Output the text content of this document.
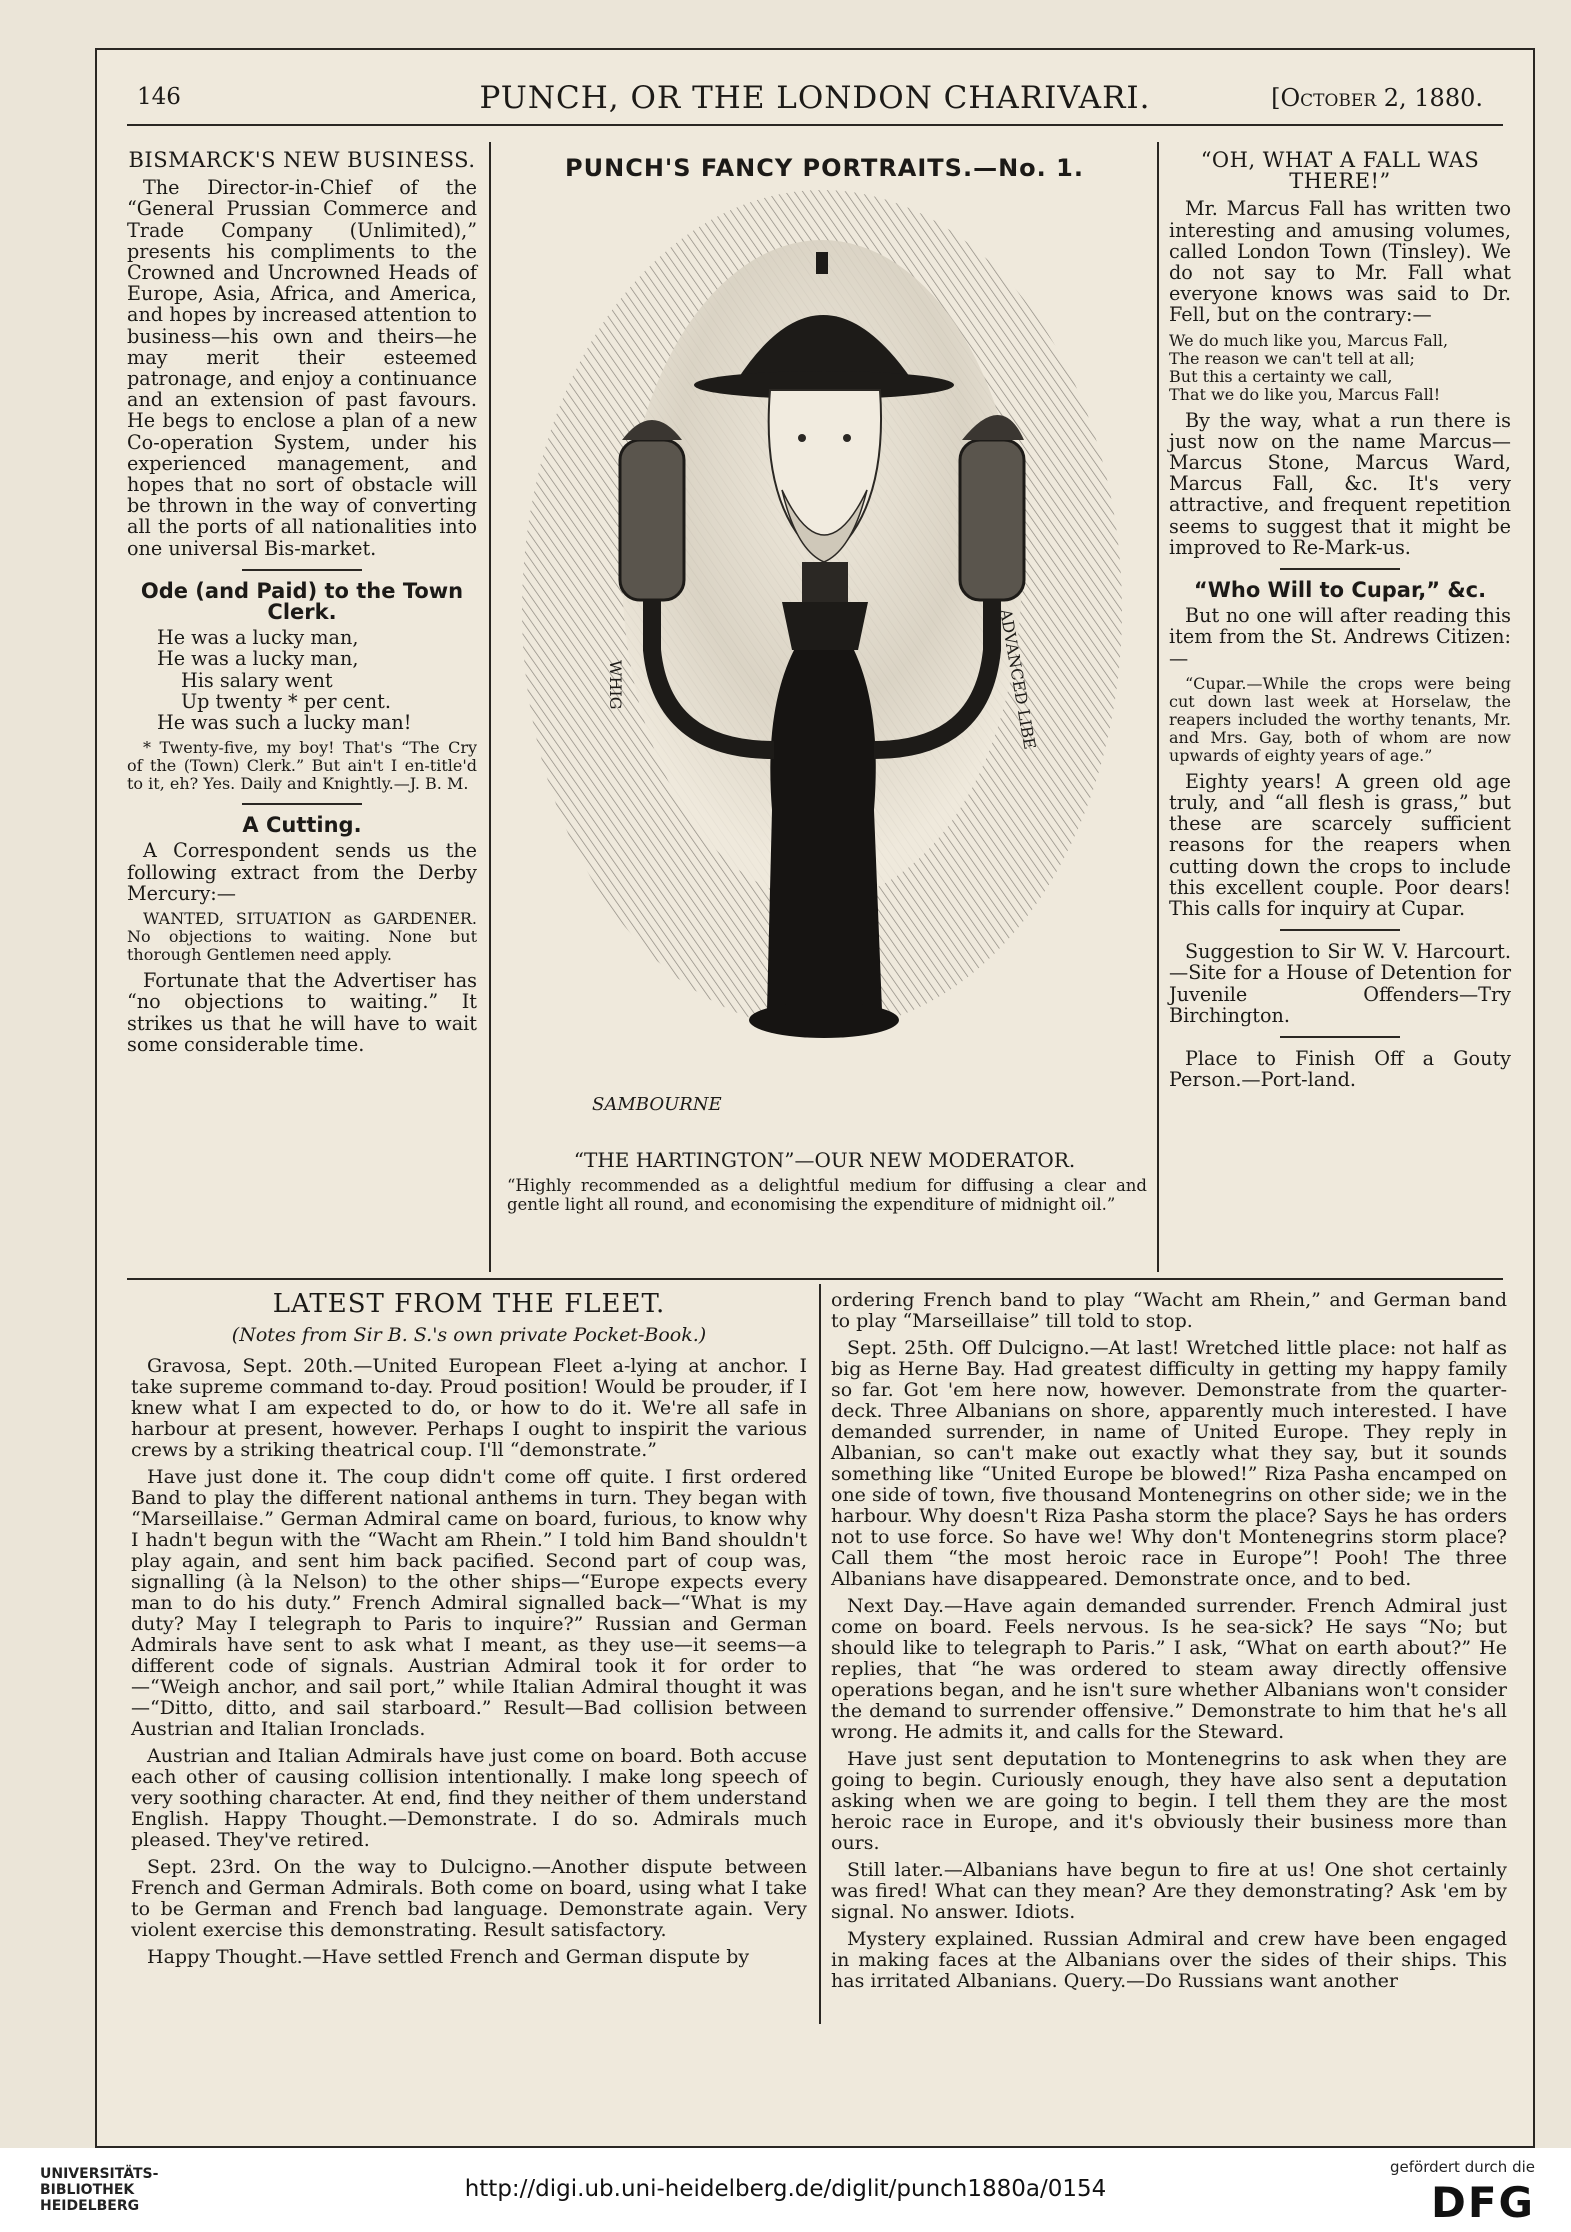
146	PUNCH, OR THE LONDON CHARIVARI.	[October 2, 1880.
BISMARCK'S NEW BUSINESS.

The Director-in-Chief of the “General Prussian Commerce and Trade Company (Unlimited),” presents his compliments to the Crowned and Uncrowned Heads of Europe, Asia, Africa, and America, and hopes by increased attention to business—his own and theirs—he may merit their esteemed patronage, and enjoy a continuance and an extension of past favours. He begs to enclose a plan of a new Co-operation System, under his experienced management, and hopes that no sort of obstacle will be thrown in the way of converting all the ports of all nationalities into one universal Bis-market.

Ode (and Paid) to the Town Clerk.
He was a lucky man,
He was a lucky man,
His salary went
Up twenty * per cent.
He was such a lucky man!

* Twenty-five, my boy! That's “The Cry of the (Town) Clerk.” But ain't I en-title'd to it, eh? Yes. Daily and Knightly.—J. B. M.

A Cutting.

A Correspondent sends us the following extract from the Derby Mercury:—

WANTED, SITUATION as GARDENER. No objections to waiting. None but thorough Gentlemen need apply.

Fortunate that the Advertiser has “no objections to waiting.” It strikes us that he will have to wait some considerable time.

PUNCH'S FANCY PORTRAITS.—No. 1.
WHIG	ADVANCED LIBE
SAMBOURNE
“THE HARTINGTON”—OUR NEW MODERATOR.
“Highly recommended as a delightful medium for diffusing a clear and gentle light all round, and economising the expenditure of midnight oil.”
“OH, WHAT A FALL WAS THERE!”

Mr. Marcus Fall has written two interesting and amusing volumes, called London Town (Tinsley). We do not say to Mr. Fall what everyone knows was said to Dr. Fell, but on the contrary:—

We do much like you, Marcus Fall,
The reason we can't tell at all;
But this a certainty we call,
That we do like you, Marcus Fall!

By the way, what a run there is just now on the name Marcus—Marcus Stone, Marcus Ward, Marcus Fall, &c. It's very attractive, and frequent repetition seems to suggest that it might be improved to Re-Mark-us.

“Who Will to Cupar,” &c.

But no one will after reading this item from the St. Andrews Citizen:—

“Cupar.—While the crops were being cut down last week at Horselaw, the reapers included the worthy tenants, Mr. and Mrs. Gay, both of whom are now upwards of eighty years of age.”

Eighty years! A green old age truly, and “all flesh is grass,” but these are scarcely sufficient reasons for the reapers when cutting down the crops to include this excellent couple. Poor dears! This calls for inquiry at Cupar.

Suggestion to Sir W. V. Harcourt.—Site for a House of Detention for Juvenile Offenders—Try Birchington.

Place to Finish Off a Gouty Person.—Port-land.

LATEST FROM THE FLEET.
(Notes from Sir B. S.'s own private Pocket-Book.)

Gravosa, Sept. 20th.—United European Fleet a-lying at anchor. I take supreme command to-day. Proud position! Would be prouder, if I knew what I am expected to do, or how to do it. We're all safe in harbour at present, however. Perhaps I ought to inspirit the various crews by a striking theatrical coup. I'll “demonstrate.”

Have just done it. The coup didn't come off quite. I first ordered Band to play the different national anthems in turn. They began with “Marseillaise.” German Admiral came on board, furious, to know why I hadn't begun with the “Wacht am Rhein.” I told him Band shouldn't play again, and sent him back pacified. Second part of coup was, signalling (à la Nelson) to the other ships—“Europe expects every man to do his duty.” French Admiral signalled back—“What is my duty? May I telegraph to Paris to inquire?” Russian and German Admirals have sent to ask what I meant, as they use—it seems—a different code of signals. Austrian Admiral took it for order to—“Weigh anchor, and sail port,” while Italian Admiral thought it was—“Ditto, ditto, and sail starboard.” Result—Bad collision between Austrian and Italian Ironclads.

Austrian and Italian Admirals have just come on board. Both accuse each other of causing collision intentionally. I make long speech of very soothing character. At end, find they neither of them understand English. Happy Thought.—Demonstrate. I do so. Admirals much pleased. They've retired.

Sept. 23rd. On the way to Dulcigno.—Another dispute between French and German Admirals. Both come on board, using what I take to be German and French bad language. Demonstrate again. Very violent exercise this demonstrating. Result satisfactory.

Happy Thought.—Have settled French and German dispute by

ordering French band to play “Wacht am Rhein,” and German band to play “Marseillaise” till told to stop.

Sept. 25th. Off Dulcigno.—At last! Wretched little place: not half as big as Herne Bay. Had greatest difficulty in getting my happy family so far. Got 'em here now, however. Demonstrate from the quarter-deck. Three Albanians on shore, apparently much interested. I have demanded surrender, in name of United Europe. They reply in Albanian, so can't make out exactly what they say, but it sounds something like “United Europe be blowed!” Riza Pasha encamped on one side of town, five thousand Montenegrins on other side; we in the harbour. Why doesn't Riza Pasha storm the place? Says he has orders not to use force. So have we! Why don't Montenegrins storm place? Call them “the most heroic race in Europe”! Pooh! The three Albanians have disappeared. Demonstrate once, and to bed.

Next Day.—Have again demanded surrender. French Admiral just come on board. Feels nervous. Is he sea-sick? He says “No; but should like to telegraph to Paris.” I ask, “What on earth about?” He replies, that “he was ordered to steam away directly offensive operations began, and he isn't sure whether Albanians won't consider the demand to surrender offensive.” Demonstrate to him that he's all wrong. He admits it, and calls for the Steward.

Have just sent deputation to Montenegrins to ask when they are going to begin. Curiously enough, they have also sent a deputation asking when we are going to begin. I tell them they are the most heroic race in Europe, and it's obviously their business more than ours.

Still later.—Albanians have begun to fire at us! One shot certainly was fired! What can they mean? Are they demonstrating? Ask 'em by signal. No answer. Idiots.

Mystery explained. Russian Admiral and crew have been engaged in making faces at the Albanians over the sides of their ships. This has irritated Albanians. Query.—Do Russians want another

UNIVERSITÄTS-
BIBLIOTHEK
HEIDELBERG
http://digi.ub.uni-heidelberg.de/diglit/punch1880a/0154
gefördert durch die
DFG
